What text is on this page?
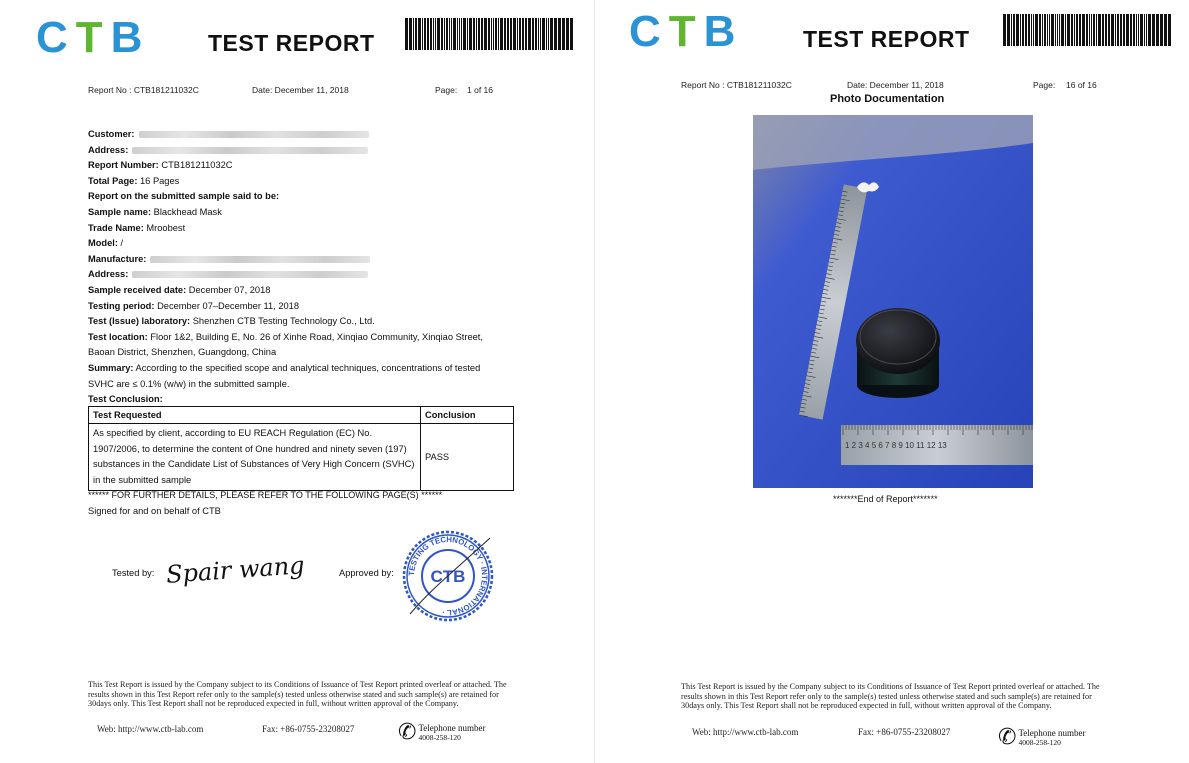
C T B	TEST REPORT
Report No : CTB181211032C	Date: December 11, 2018	Page: 1 of 16
Customer:
Address:
Report Number: CTB181211032C
Total Page: 16 Pages
Report on the submitted sample said to be:
Sample name: Blackhead Mask
Trade Name: Mroobest
Model: /
Manufacture:
Address:
Sample received date: December 07, 2018
Testing period: December 07–December 11, 2018
Test (Issue) laboratory: Shenzhen CTB Testing Technology Co., Ltd.
Test location: Floor 1&2, Building E, No. 26 of Xinhe Road, Xinqiao Community, Xinqiao Street, Baoan District, Shenzhen, Guangdong, China
Summary: According to the specified scope and analytical techniques, concentrations of tested SVHC are ≤ 0.1% (w/w) in the submitted sample.
Test Conclusion:
Test Requested	Conclusion
As specified by client, according to EU REACH Regulation (EC) No. 1907/2006, to determine the content of One hundred and ninety seven (197) substances in the Candidate List of Substances of Very High Concern (SVHC) in the submitted sample	PASS
****** FOR FURTHER DETAILS, PLEASE REFER TO THE FOLLOWING PAGE(S) ******
Signed for and on behalf of CTB
Tested by: Spair wang	Approved by: TESTING TECHNOLOGY · INTERNATIONAL ·
CTB
This Test Report is issued by the Company subject to its Conditions of Issuance of Test Report printed overleaf or attached. The results shown in this Test Report refer only to the sample(s) tested unless otherwise stated and such sample(s) are retained for 30days only. This Test Report shall not be reproduced expected in full, without written approval of the Company.
Web: http://www.ctb-lab.com	Fax: +86-0755-23208027 ✆ Telephone number
4008-258-120
C T B	TEST REPORT
Report No : CTB181211032C	Date: December 11, 2018	Page: 16 of 16
Photo Documentation
1 2 3 4 5 6 7 8 9 10 11 12 13
*******End of Report*******
This Test Report is issued by the Company subject to its Conditions of Issuance of Test Report printed overleaf or attached. The results shown in this Test Report refer only to the sample(s) tested unless otherwise stated and such sample(s) are retained for 30days only. This Test Report shall not be reproduced expected in full, without written approval of the Company.
Web: http://www.ctb-lab.com	Fax: +86-0755-23208027 ✆ Telephone number
4008-258-120
